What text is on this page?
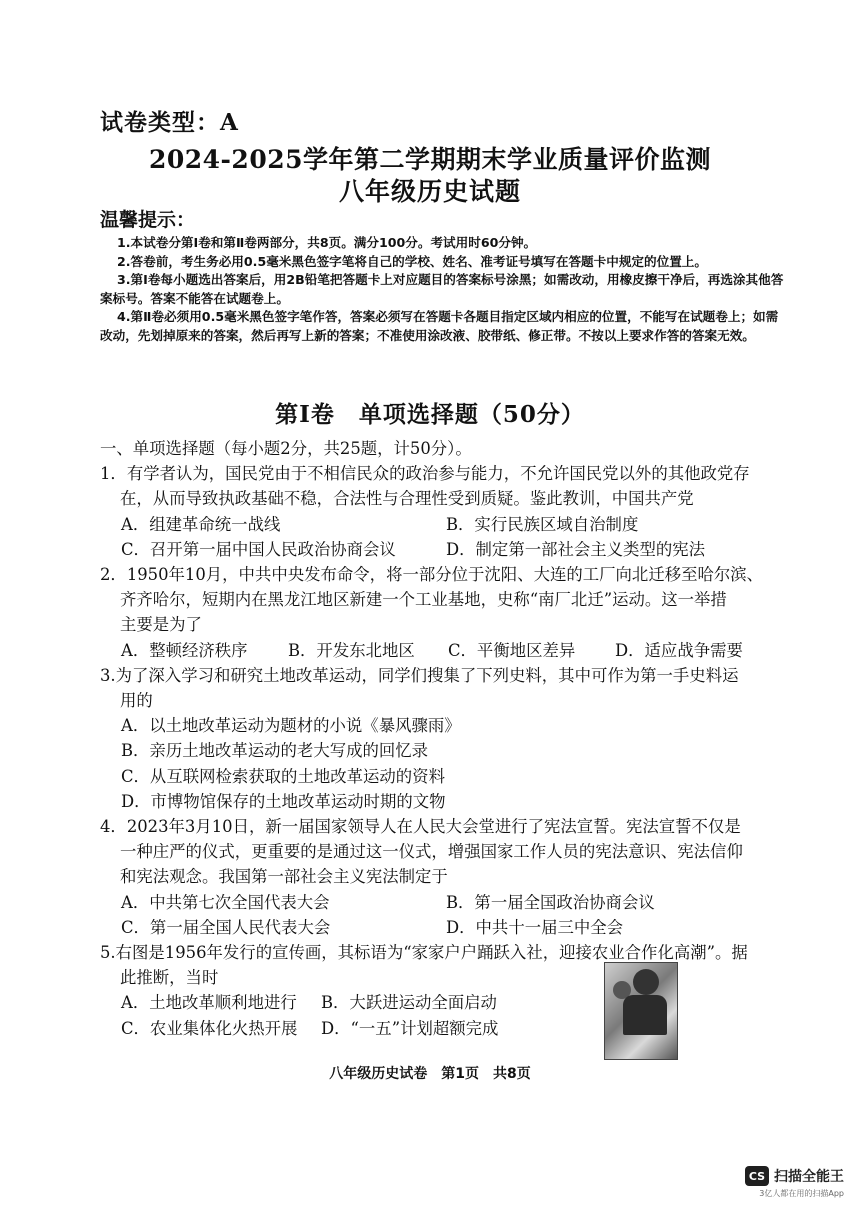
试卷类型：A
2024-2025学年第二学期期末学业质量评价监测
八年级历史试题
温馨提示：

1.本试卷分第Ⅰ卷和第Ⅱ卷两部分，共8页。满分100分。考试用时60分钟。

2.答卷前，考生务必用0.5毫米黑色签字笔将自己的学校、姓名、准考证号填写在答题卡中规定的位置上。

3.第Ⅰ卷每小题选出答案后，用2B铅笔把答题卡上对应题目的答案标号涂黑；如需改动，用橡皮擦干净后，再选涂其他答案标号。答案不能答在试题卷上。

4.第Ⅱ卷必须用0.5毫米黑色签字笔作答，答案必须写在答题卡各题目指定区域内相应的位置，不能写在试题卷上；如需改动，先划掉原来的答案，然后再写上新的答案；不准使用涂改液、胶带纸、修正带。不按以上要求作答的答案无效。

第Ⅰ卷　单项选择题（50分）
一、单项选择题（每小题2分，共25题，计50分）。
1．有学者认为，国民党由于不相信民众的政治参与能力，不允许国民党以外的其他政党存
在，从而导致执政基础不稳，合法性与合理性受到质疑。鉴此教训，中国共产党
A．组建革命统一战线	B．实行民族区域自治制度
C．召开第一届中国人民政治协商会议	D．制定第一部社会主义类型的宪法
2．1950年10月，中共中央发布命令，将一部分位于沈阳、大连的工厂向北迁移至哈尔滨、
齐齐哈尔，短期内在黑龙江地区新建一个工业基地，史称“南厂北迁”运动。这一举措
主要是为了
A．整顿经济秩序	B．开发东北地区	C．平衡地区差异	D．适应战争需要
3.为了深入学习和研究土地改革运动，同学们搜集了下列史料，其中可作为第一手史料运
用的
A．以土地改革运动为题材的小说《暴风骤雨》
B．亲历土地改革运动的老大写成的回忆录
C．从互联网检索获取的土地改革运动的资料
D．市博物馆保存的土地改革运动时期的文物
4．2023年3月10日，新一届国家领导人在人民大会堂进行了宪法宣誓。宪法宣誓不仅是
一种庄严的仪式，更重要的是通过这一仪式，增强国家工作人员的宪法意识、宪法信仰
和宪法观念。我国第一部社会主义宪法制定于
A．中共第七次全国代表大会	B．第一届全国政治协商会议
C．第一届全国人民代表大会	D．中共十一届三中全会
5.右图是1956年发行的宣传画，其标语为“家家户户踊跃入社，迎接农业合作化高潮”。据
此推断，当时
A．土地改革顺利地进行	B．大跃进运动全面启动
C．农业集体化火热开展	D．“一五”计划超额完成
八年级历史试卷　第1页　共8页
CS 扫描全能王
3亿人都在用的扫描App
